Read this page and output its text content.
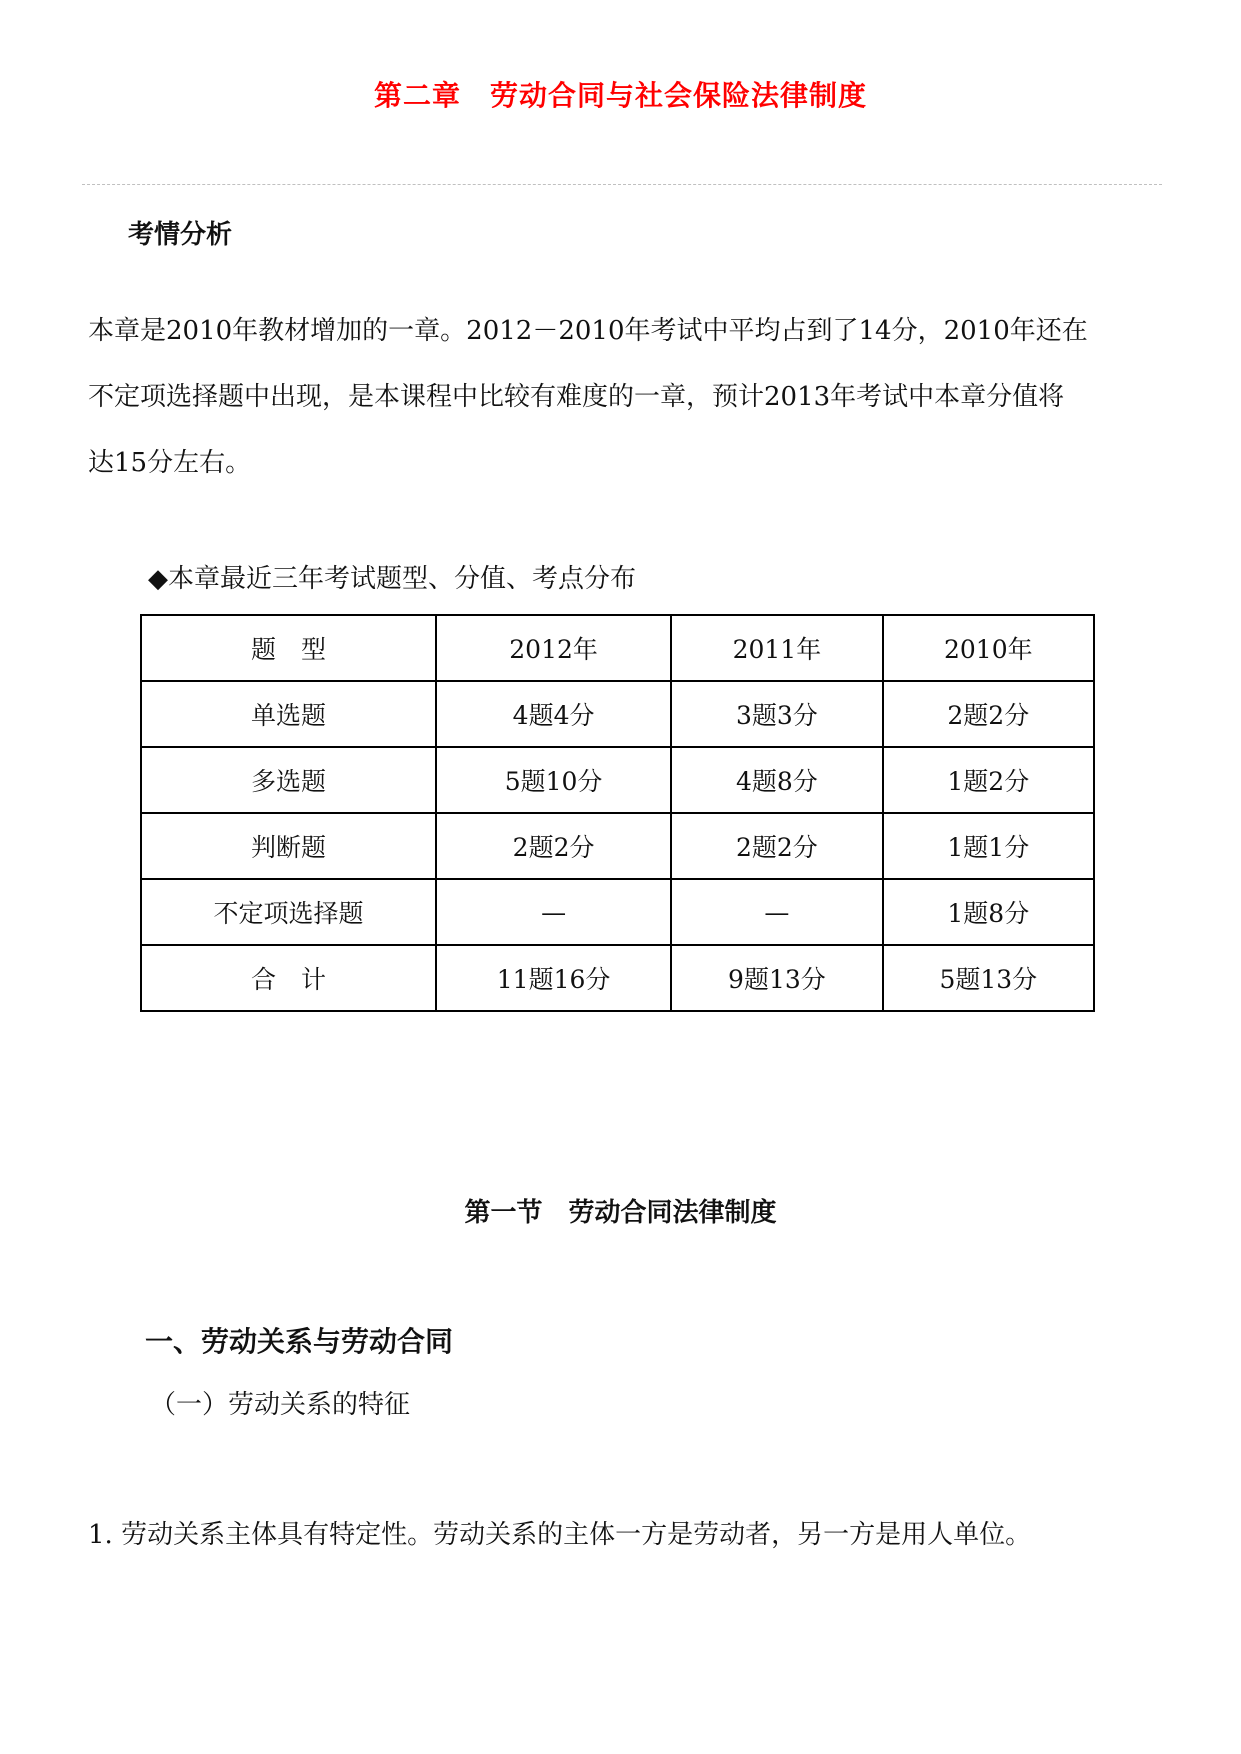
第二章　劳动合同与社会保险法律制度
考情分析

本章是2010年教材增加的一章。2012－2010年考试中平均占到了14分，2010年还在

不定项选择题中出现，是本课程中比较有难度的一章，预计2013年考试中本章分值将

达15分左右。

◆本章最近三年考试题型、分值、考点分布
题　型	2012年	2011年	2010年
单选题	4题4分	3题3分	2题2分
多选题	5题10分	4题8分	1题2分
判断题	2题2分	2题2分	1题1分
不定项选择题	—	—	1题8分
合　计	11题16分	9题13分	5题13分
第一节　劳动合同法律制度
一、劳动关系与劳动合同
（一）劳动关系的特征
1. 劳动关系主体具有特定性。劳动关系的主体一方是劳动者，另一方是用人单位。
